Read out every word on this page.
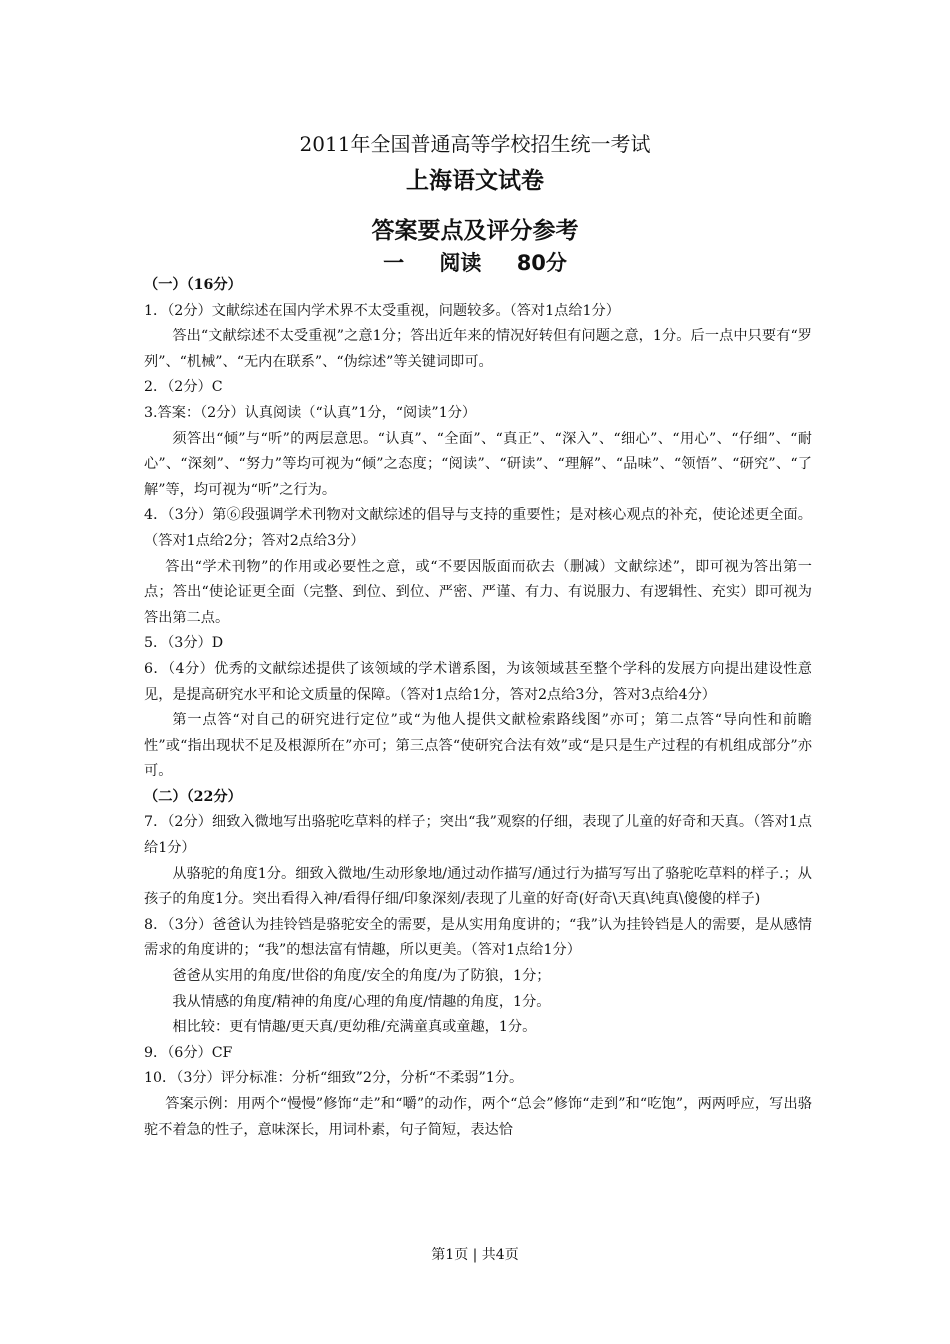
2011年全国普通高等学校招生统一考试
上海语文试卷
答案要点及评分参考
一 阅读 80分

（一）（16分）

1．（2分）文献综述在国内学术界不太受重视，问题较多。（答对1点给1分）

答出“文献综述不太受重视”之意1分；答出近年来的情况好转但有问题之意，1分。后一点中只要有“罗列”、“机械”、“无内在联系”、“伪综述”等关键词即可。

2．（2分）C

3.答案：（2分）认真阅读（“认真”1分，“阅读”1分）

须答出“倾”与“听”的两层意思。“认真”、“全面”、“真正”、“深入”、“细心”、“用心”、“仔细”、“耐心”、“深刻”、“努力”等均可视为“倾”之态度；“阅读”、“研读”、“理解”、“品味”、“领悟”、“研究”、“了解”等，均可视为“听”之行为。

4．（3分）第⑥段强调学术刊物对文献综述的倡导与支持的重要性；是对核心观点的补充，使论述更全面。（答对1点给2分；答对2点给3分）

答出“学术刊物”的作用或必要性之意，或“不要因版面而砍去（删减）文献综述”，即可视为答出第一点；答出“使论证更全面（完整、到位、到位、严密、严谨、有力、有说服力、有逻辑性、充实）即可视为答出第二点。

5．（3分）D

6．（4分）优秀的文献综述提供了该领域的学术谱系图，为该领域甚至整个学科的发展方向提出建设性意见，是提高研究水平和论文质量的保障。（答对1点给1分，答对2点给3分，答对3点给4分）

第一点答“对自己的研究进行定位”或“为他人提供文献检索路线图”亦可；第二点答“导向性和前瞻性”或“指出现状不足及根源所在”亦可；第三点答“使研究合法有效”或“是只是生产过程的有机组成部分”亦可。

（二）（22分）

7．（2分）细致入微地写出骆驼吃草料的样子；突出“我”观察的仔细，表现了儿童的好奇和天真。（答对1点给1分）

从骆驼的角度1分。细致入微地/生动形象地/通过动作描写/通过行为描写写出了骆驼吃草料的样子.；从孩子的角度1分。突出看得入神/看得仔细/印象深刻/表现了儿童的好奇(好奇\天真\纯真\傻傻的样子)

8．（3分）爸爸认为挂铃铛是骆驼安全的需要，是从实用角度讲的；“我”认为挂铃铛是人的需要，是从感情需求的角度讲的；“我”的想法富有情趣，所以更美。（答对1点给1分）

爸爸从实用的角度/世俗的角度/安全的角度/为了防狼，1分；

我从情感的角度/精神的角度/心理的角度/情趣的角度，1分。

相比较：更有情趣/更天真/更幼稚/充满童真或童趣，1分。

9．（6分）CF

10．（3分）评分标准：分析“细致”2分，分析“不柔弱”1分。

答案示例：用两个“慢慢”修饰“走”和“嚼”的动作，两个“总会”修饰“走到”和“吃饱”，两两呼应，写出骆驼不着急的性子，意味深长，用词朴素，句子简短，表达恰

第1页 | 共4页
